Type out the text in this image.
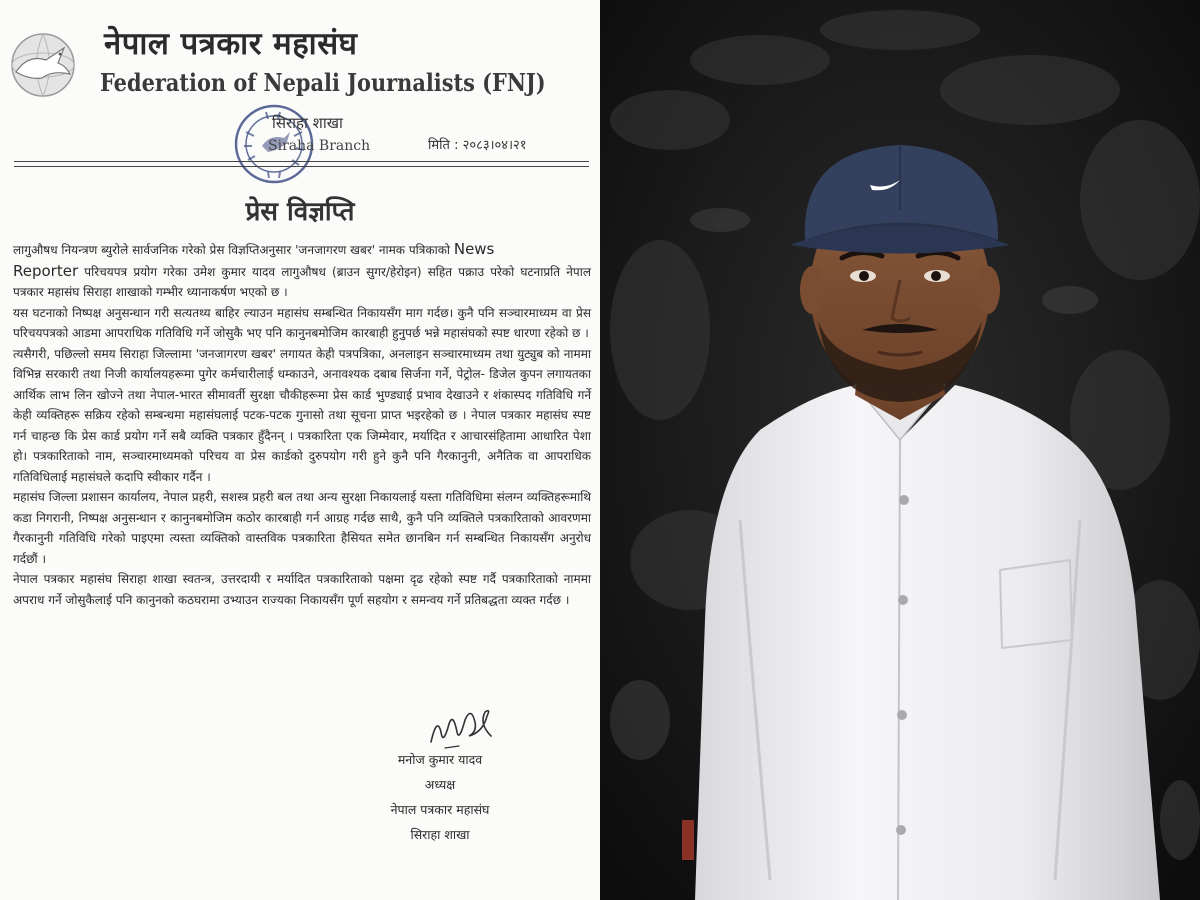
नेपाल पत्रकार महासंघ
Federation of Nepali Journalists (FNJ)
सिराहा शाखा
Siraha Branch	मिति : २०८३।०४।२१
प्रेस विज्ञप्ति

लागुऔषध नियन्त्रण ब्युरोले सार्वजनिक गरेको प्रेस विज्ञप्तिअनुसार 'जनजागरण खबर' नामक पत्रिकाको News
Reporter परिचयपत्र प्रयोग गरेका उमेश कुमार यादव लागुऔषध (ब्राउन सुगर/हेरोइन) सहित पक्राउ परेको घटनाप्रति नेपाल पत्रकार महासंघ सिराहा शाखाको गम्भीर ध्यानाकर्षण भएको छ ।

यस घटनाको निष्पक्ष अनुसन्धान गरी सत्यतथ्य बाहिर ल्याउन महासंघ सम्बन्धित निकायसँग माग गर्दछ। कुनै पनि सञ्चारमाध्यम वा प्रेस परिचयपत्रको आडमा आपराधिक गतिविधि गर्ने जोसुकै भए पनि कानुनबमोजिम कारबाही हुनुपर्छ भन्ने महासंघको स्पष्ट धारणा रहेको छ ।

त्यसैगरी, पछिल्लो समय सिराहा जिल्लामा 'जनजागरण खबर' लगायत केही पत्रपत्रिका, अनलाइन सञ्चारमाध्यम तथा युट्युब को नाममा विभिन्न सरकारी तथा निजी कार्यालयहरूमा पुगेर कर्मचारीलाई धम्काउने, अनावश्यक दबाब सिर्जना गर्ने, पेट्रोल- डिजेल कुपन लगायतका आर्थिक लाभ लिन खोज्ने तथा नेपाल-भारत सीमावर्ती सुरक्षा चौकीहरूमा प्रेस कार्ड भुण्ड्याई प्रभाव देखाउने र शंकास्पद गतिविधि गर्ने केही व्यक्तिहरू सक्रिय रहेको सम्बन्धमा महासंघलाई पटक-पटक गुनासो तथा सूचना प्राप्त भइरहेको छ । नेपाल पत्रकार महासंघ स्पष्ट गर्न चाहन्छ कि प्रेस कार्ड प्रयोग गर्ने सबै व्यक्ति पत्रकार हुँदैनन् । पत्रकारिता एक जिम्मेवार, मर्यादित र आचारसंहितामा आधारित पेशा हो। पत्रकारिताको नाम, सञ्चारमाध्यमको परिचय वा प्रेस कार्डको दुरुपयोग गरी हुने कुनै पनि गैरकानुनी, अनैतिक वा आपराधिक गतिविधिलाई महासंघले कदापि स्वीकार गर्दैन ।

महासंघ जिल्ला प्रशासन कार्यालय, नेपाल प्रहरी, सशस्त्र प्रहरी बल तथा अन्य सुरक्षा निकायलाई यस्ता गतिविधिमा संलग्न व्यक्तिहरूमाथि कडा निगरानी, निष्पक्ष अनुसन्धान र कानुनबमोजिम कठोर कारबाही गर्न आग्रह गर्दछ साथै, कुनै पनि व्यक्तिले पत्रकारिताको आवरणमा गैरकानुनी गतिविधि गरेको पाइएमा त्यस्ता व्यक्तिको वास्तविक पत्रकारिता हैसियत समेत छानबिन गर्न सम्बन्धित निकायसँग अनुरोध गर्दछौं ।

नेपाल पत्रकार महासंघ सिराहा शाखा स्वतन्त्र, उत्तरदायी र मर्यादित पत्रकारिताको पक्षमा दृढ रहेको स्पष्ट गर्दै पत्रकारिताको नाममा अपराध गर्ने जोसुकैलाई पनि कानुनको कठघरामा उभ्याउन राज्यका निकायसँग पूर्ण सहयोग र समन्वय गर्ने प्रतिबद्धता व्यक्त गर्दछ ।

मनोज कुमार यादव
अध्यक्ष
नेपाल पत्रकार महासंघ
सिराहा शाखा
